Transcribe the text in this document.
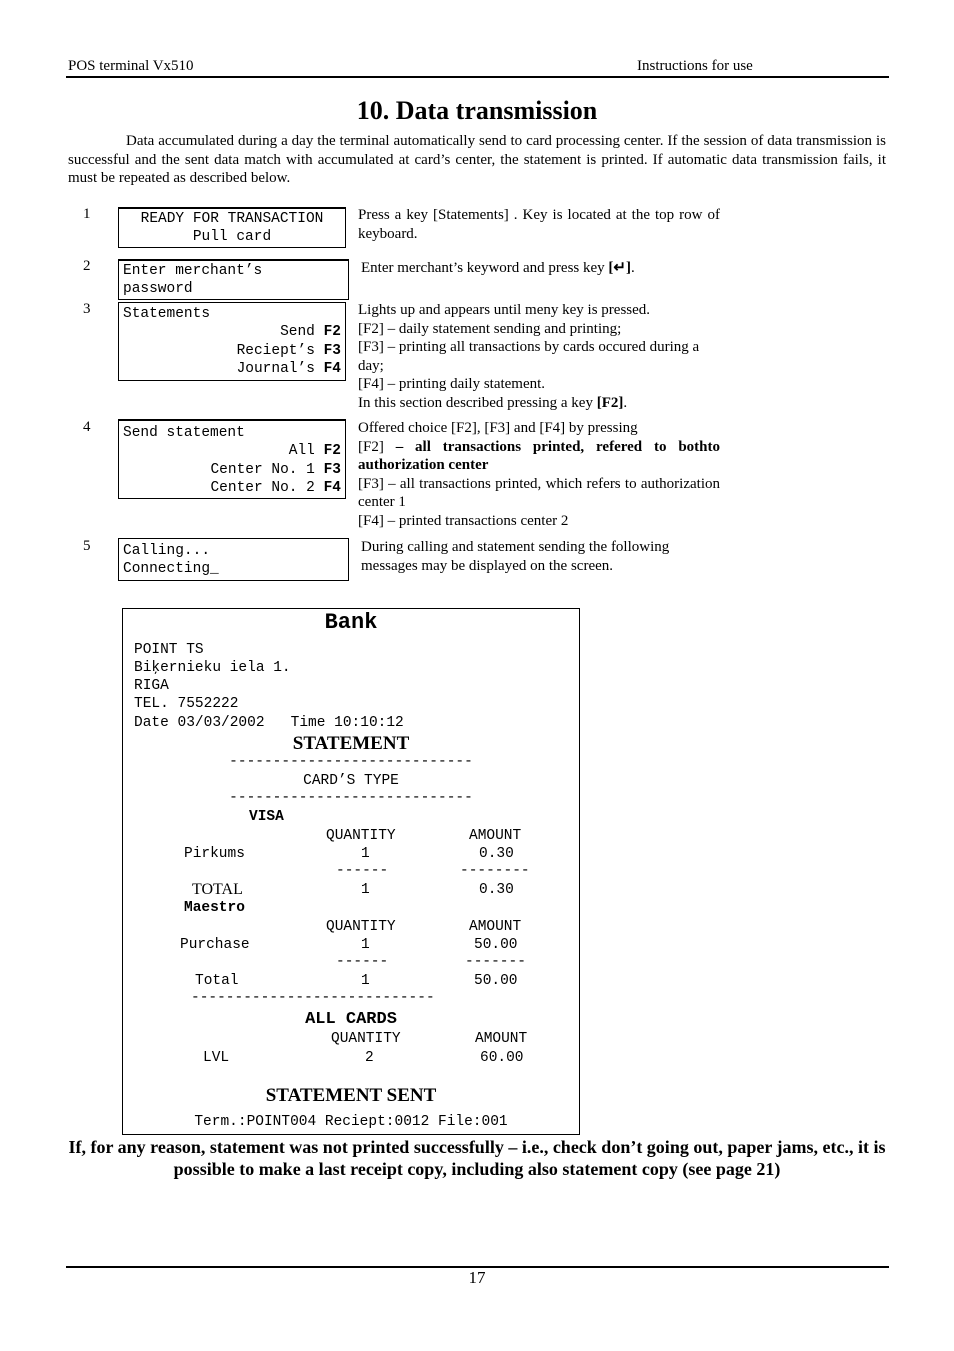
POS terminal Vx510	Instructions for use
10. Data transmission
Data accumulated during a day the terminal automatically send to card processing center. If the session of data transmission is successful and the sent data match with accumulated at card’s center, the statement is printed. If automatic data transmission fails, it must be repeated as described below.
1	READY FOR TRANSACTION
Pull card
Press a key [Statements] . Key is located at the top row of keyboard.
2 Enter merchant’s
password
Enter merchant’s keyword and press key [↵].
3 Statements
Send F2
Reciept’s F3
Journal’s F4
Lights up and appears until meny key is pressed.
[F2] – daily statement sending and printing;
[F3] – printing all transactions by cards occured during a day;
[F4] – printing daily statement.
In this section described pressing a key [F2].
4 Send statement
All F2
Center No. 1 F3
Center No. 2 F4
Offered choice [F2], [F3] and [F4] by pressing
[F2] – all transactions printed, refered to bothto authorization center
[F3] – all transactions printed, which refers to authorization center 1
[F4] – printed transactions center 2
5 Calling...
Connecting_
During calling and statement sending the following messages may be displayed on the screen.
Bank
POINT TS
Biķernieku iela 1.
RIGA
TEL. 7552222
Date 03/03/2002   Time 10:10:12
STATEMENT
----------------------------
CARD’S TYPE
----------------------------
VISA
QUANTITY	AMOUNT
Pirkums	1	0.30
------	--------
TOTAL	1	0.30
Maestro
QUANTITY	AMOUNT
Purchase	1	50.00
------	-------
Total	1	50.00
----------------------------
ALL CARDS
QUANTITY	AMOUNT
LVL	2	60.00
STATEMENT SENT
Term.:POINT004 Reciept:0012 File:001
If, for any reason, statement was not printed successfully – i.e., check don’t going out, paper jams, etc., it is possible to make a last receipt copy, including also statement copy (see page 21)
17
